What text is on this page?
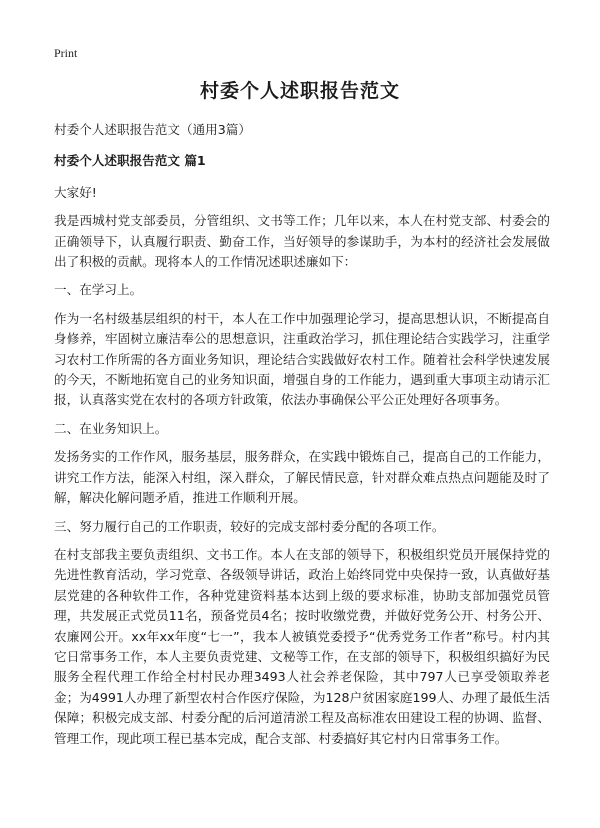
Print
村委个人述职报告范文

村委个人述职报告范文（通用3篇）

村委个人述职报告范文 篇1

大家好!

我是西城村党支部委员，分管组织、文书等工作；几年以来，本人在村党支部、村委会的正确领导下，认真履行职责、勤奋工作，当好领导的参谋助手，为本村的经济社会发展做出了积极的贡献。现将本人的工作情况述职述廉如下：

一、在学习上。

作为一名村级基层组织的村干，本人在工作中加强理论学习，提高思想认识，不断提高自身修养，牢固树立廉洁奉公的思想意识，注重政治学习，抓住理论结合实践学习，注重学习农村工作所需的各方面业务知识，理论结合实践做好农村工作。随着社会科学快速发展的今天，不断地拓宽自己的业务知识面，增强自身的工作能力，遇到重大事项主动请示汇报，认真落实党在农村的各项方针政策，依法办事确保公平公正处理好各项事务。

二、在业务知识上。

发扬务实的工作作风，服务基层，服务群众，在实践中锻炼自己，提高自己的工作能力，讲究工作方法，能深入村组，深入群众，了解民情民意，针对群众难点热点问题能及时了解，解决化解问题矛盾，推进工作顺利开展。

三、努力履行自己的工作职责，较好的完成支部村委分配的各项工作。

在村支部我主要负责组织、文书工作。本人在支部的领导下，积极组织党员开展保持党的先进性教育活动，学习党章、各级领导讲话，政治上始终同党中央保持一致，认真做好基层党建的各种软件工作，各种党建资料基本达到上级的要求标准，协助支部加强党员管理，共发展正式党员11名，预备党员4名；按时收缴党费，并做好党务公开、村务公开、农廉网公开。xx年xx年度“七一”，我本人被镇党委授予“优秀党务工作者”称号。村内其它日常事务工作，本人主要负责党建、文秘等工作，在支部的领导下，积极组织搞好为民服务全程代理工作给全村村民办理3493人社会养老保险，其中797人已享受领取养老金；为4991人办理了新型农村合作医疗保险，为128户贫困家庭199人、办理了最低生活保障；积极完成支部、村委分配的后河道清淤工程及高标准农田建设工程的协调、监督、管理工作，现此项工程已基本完成，配合支部、村委搞好其它村内日常事务工作。
